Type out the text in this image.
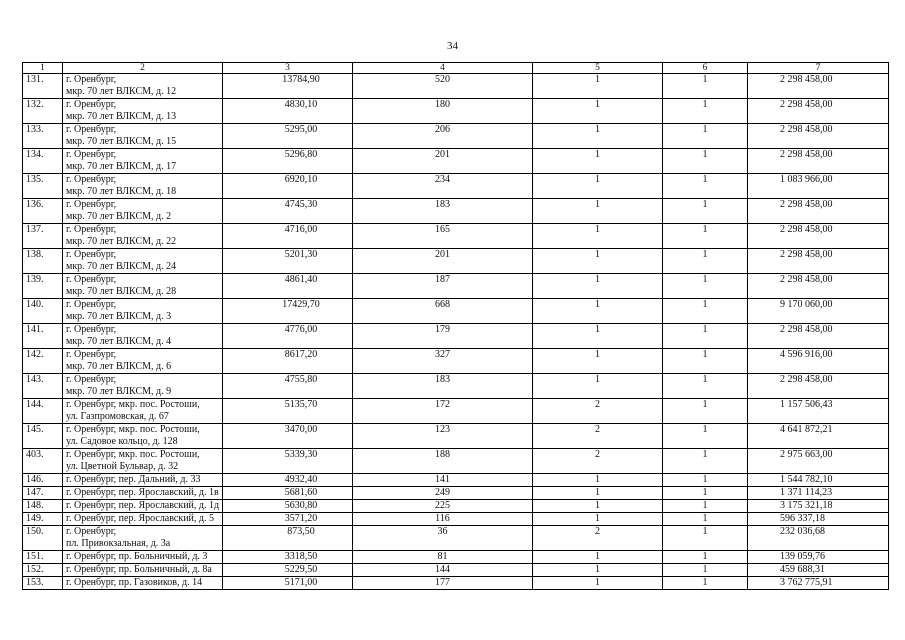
34
1	2	3	4	5	6	7
131.	г. Оренбург,
мкр. 70 лет ВЛКСМ, д. 12	13784,90	520	1	1	2 298 458,00
132.	г. Оренбург,
мкр. 70 лет ВЛКСМ, д. 13	4830,10	180	1	1	2 298 458,00
133.	г. Оренбург,
мкр. 70 лет ВЛКСМ, д. 15	5295,00	206	1	1	2 298 458,00
134.	г. Оренбург,
мкр. 70 лет ВЛКСМ, д. 17	5296,80	201	1	1	2 298 458,00
135.	г. Оренбург,
мкр. 70 лет ВЛКСМ, д. 18	6920,10	234	1	1	1 083 966,00
136.	г. Оренбург,
мкр. 70 лет ВЛКСМ, д. 2	4745,30	183	1	1	2 298 458,00
137.	г. Оренбург,
мкр. 70 лет ВЛКСМ, д. 22	4716,00	165	1	1	2 298 458,00
138.	г. Оренбург,
мкр. 70 лет ВЛКСМ, д. 24	5201,30	201	1	1	2 298 458,00
139.	г. Оренбург,
мкр. 70 лет ВЛКСМ, д. 28	4861,40	187	1	1	2 298 458,00
140.	г. Оренбург,
мкр. 70 лет ВЛКСМ, д. 3	17429,70	668	1	1	9 170 060,00
141.	г. Оренбург,
мкр. 70 лет ВЛКСМ, д. 4	4776,00	179	1	1	2 298 458,00
142.	г. Оренбург,
мкр. 70 лет ВЛКСМ, д. 6	8617,20	327	1	1	4 596 916,00
143.	г. Оренбург,
мкр. 70 лет ВЛКСМ, д. 9	4755,80	183	1	1	2 298 458,00
144.	г. Оренбург, мкр. пос. Ростоши,
ул. Газпромовская, д. 67	5135,70	172	2	1	1 157 506,43
145.	г. Оренбург, мкр. пос. Ростоши,
ул. Садовое кольцо, д. 128	3470,00	123	2	1	4 641 872,21
403.	г. Оренбург, мкр. пос. Ростоши,
ул. Цветной Бульвар, д. 32	5339,30	188	2	1	2 975 663,00
146.	г. Оренбург, пер. Дальний, д. 33	4932,40	141	1	1	1 544 782,10
147.	г. Оренбург, пер. Ярославский, д. 1в	5681,60	249	1	1	1 371 114,23
148.	г. Оренбург, пер. Ярославский, д. 1д	5630,80	225	1	1	3 175 321,18
149.	г. Оренбург, пер. Ярославский, д. 5	3571,20	116	1	1	596 337,18
150.	г. Оренбург,
пл. Привокзальная, д. 3а	873,50	36	2	1	232 036,68
151.	г. Оренбург, пр. Больничный, д. 3	3318,50	81	1	1	139 059,76
152.	г. Оренбург, пр. Больничный, д. 8а	5229,50	144	1	1	459 688,31
153.	г. Оренбург, пр. Газовиков, д. 14	5171,00	177	1	1	3 762 775,91
